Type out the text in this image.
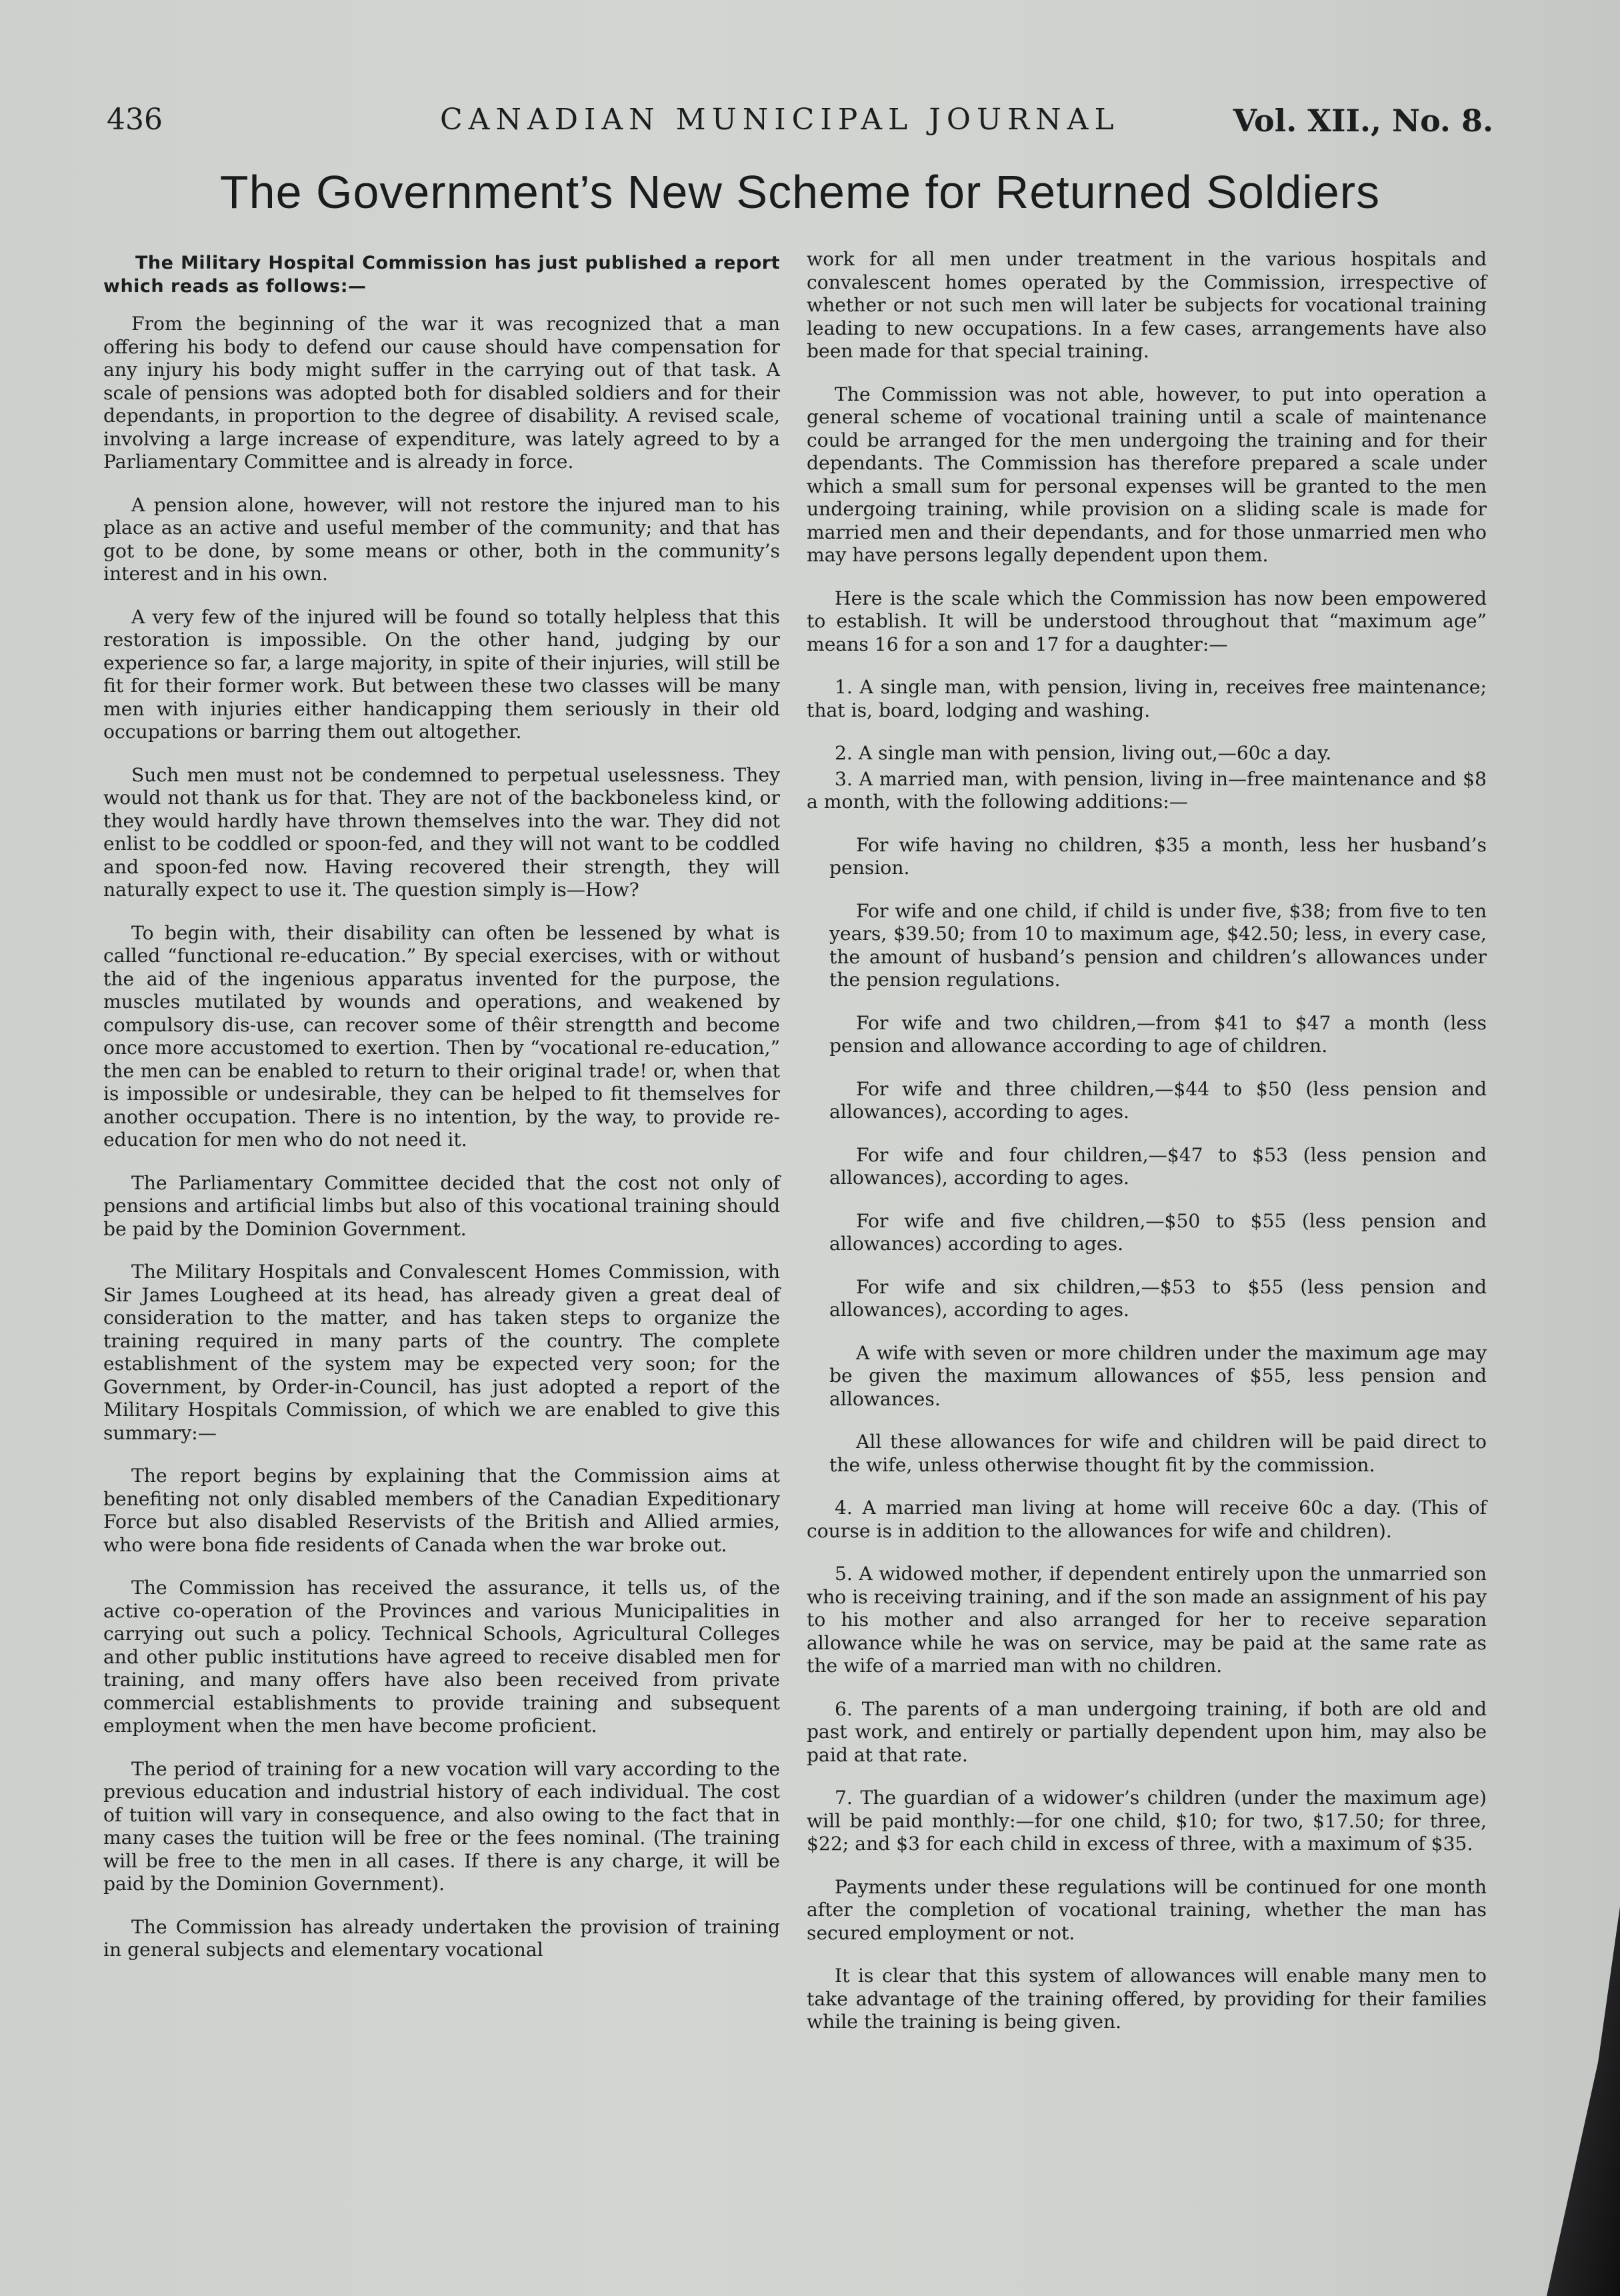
436	CANADIAN MUNICIPAL JOURNAL	Vol. XII., No. 8.
The Government’s New Scheme for Returned Soldiers

The Military Hospital Commission has just published a report which reads as follows:—

From the beginning of the war it was recognized that a man offering his body to defend our cause should have compensation for any injury his body might suffer in the carrying out of that task. A scale of pensions was adopted both for disabled soldiers and for their dependants, in proportion to the degree of disability. A revised scale, involving a large increase of expenditure, was lately agreed to by a Parliamentary Committee and is already in force.

A pension alone, however, will not restore the injured man to his place as an active and useful member of the community; and that has got to be done, by some means or other, both in the community’s interest and in his own.

A very few of the injured will be found so totally helpless that this restoration is impossible. On the other hand, judging by our experience so far, a large majority, in spite of their injuries, will still be fit for their former work. But between these two classes will be many men with injuries either handicapping them seriously in their old occupations or barring them out altogether.

Such men must not be condemned to perpetual uselessness. They would not thank us for that. They are not of the backboneless kind, or they would hardly have thrown themselves into the war. They did not enlist to be coddled or spoon-fed, and they will not want to be coddled and spoon-fed now. Having recovered their strength, they will naturally expect to use it. The question simply is—How?

To begin with, their disability can often be lessened by what is called “functional re-education.” By special exercises, with or without the aid of the ingenious apparatus invented for the purpose, the muscles mutilated by wounds and operations, and weakened by compulsory dis-use, can recover some of thêir strengtth and become once more accustomed to exertion. Then by “vocational re-education,” the men can be enabled to return to their original trade! or, when that is impossible or undesirable, they can be helped to fit themselves for another occupation. There is no intention, by the way, to provide re-education for men who do not need it.

The Parliamentary Committee decided that the cost not only of pensions and artificial limbs but also of this vocational training should be paid by the Dominion Government.

The Military Hospitals and Convalescent Homes Commission, with Sir James Lougheed at its head, has already given a great deal of consideration to the matter, and has taken steps to organize the training required in many parts of the country. The complete establishment of the system may be expected very soon; for the Government, by Order-in-Council, has just adopted a report of the Military Hospitals Commission, of which we are enabled to give this summary:—

The report begins by explaining that the Commission aims at benefiting not only disabled members of the Canadian Expeditionary Force but also disabled Reservists of the British and Allied armies, who were bona fide residents of Canada when the war broke out.

The Commission has received the assurance, it tells us, of the active co-operation of the Provinces and various Municipalities in carrying out such a policy. Technical Schools, Agricultural Colleges and other public institutions have agreed to receive disabled men for training, and many offers have also been received from private commercial establishments to provide training and subsequent employment when the men have become proficient.

The period of training for a new vocation will vary according to the previous education and industrial history of each individual. The cost of tuition will vary in consequence, and also owing to the fact that in many cases the tuition will be free or the fees nominal. (The training will be free to the men in all cases. If there is any charge, it will be paid by the Dominion Government).

The Commission has already undertaken the provision of training in general subjects and elementary vocational

work for all men under treatment in the various hospitals and convalescent homes operated by the Commission, irrespective of whether or not such men will later be subjects for vocational training leading to new occupations. In a few cases, arrangements have also been made for that special training.

The Commission was not able, however, to put into operation a general scheme of vocational training until a scale of maintenance could be arranged for the men undergoing the training and for their dependants. The Commission has therefore prepared a scale under which a small sum for personal expenses will be granted to the men undergoing training, while provision on a sliding scale is made for married men and their dependants, and for those unmarried men who may have persons legally dependent upon them.

Here is the scale which the Commission has now been empowered to establish. It will be understood throughout that “maximum age” means 16 for a son and 17 for a daughter:—

1. A single man, with pension, living in, receives free maintenance; that is, board, lodging and washing.

2. A single man with pension, living out,—60c a day.

3. A married man, with pension, living in—free maintenance and $8 a month, with the following additions:—

For wife having no children, $35 a month, less her husband’s pension.

For wife and one child, if child is under five, $38; from five to ten years, $39.50; from 10 to maximum age, $42.50; less, in every case, the amount of husband’s pension and children’s allowances under the pension regulations.

For wife and two children,—from $41 to $47 a month (less pension and allowance according to age of children.

For wife and three children,—$44 to $50 (less pension and allowances), according to ages.

For wife and four children,—$47 to $53 (less pension and allowances), according to ages.

For wife and five children,—$50 to $55 (less pension and allowances) according to ages.

For wife and six children,—$53 to $55 (less pension and allowances), according to ages.

A wife with seven or more children under the maximum age may be given the maximum allowances of $55, less pension and allowances.

All these allowances for wife and children will be paid direct to the wife, unless otherwise thought fit by the commission.

4. A married man living at home will receive 60c a day. (This of course is in addition to the allowances for wife and children).

5. A widowed mother, if dependent entirely upon the unmarried son who is receiving training, and if the son made an assignment of his pay to his mother and also arranged for her to receive separation allowance while he was on service, may be paid at the same rate as the wife of a married man with no children.

6. The parents of a man undergoing training, if both are old and past work, and entirely or partially dependent upon him, may also be paid at that rate.

7. The guardian of a widower’s children (under the maximum age) will be paid monthly:—for one child, $10; for two, $17.50; for three, $22; and $3 for each child in excess of three, with a maximum of $35.

Payments under these regulations will be continued for one month after the completion of vocational training, whether the man has secured employment or not.

It is clear that this system of allowances will enable many men to take advantage of the training offered, by providing for their families while the training is being given.
